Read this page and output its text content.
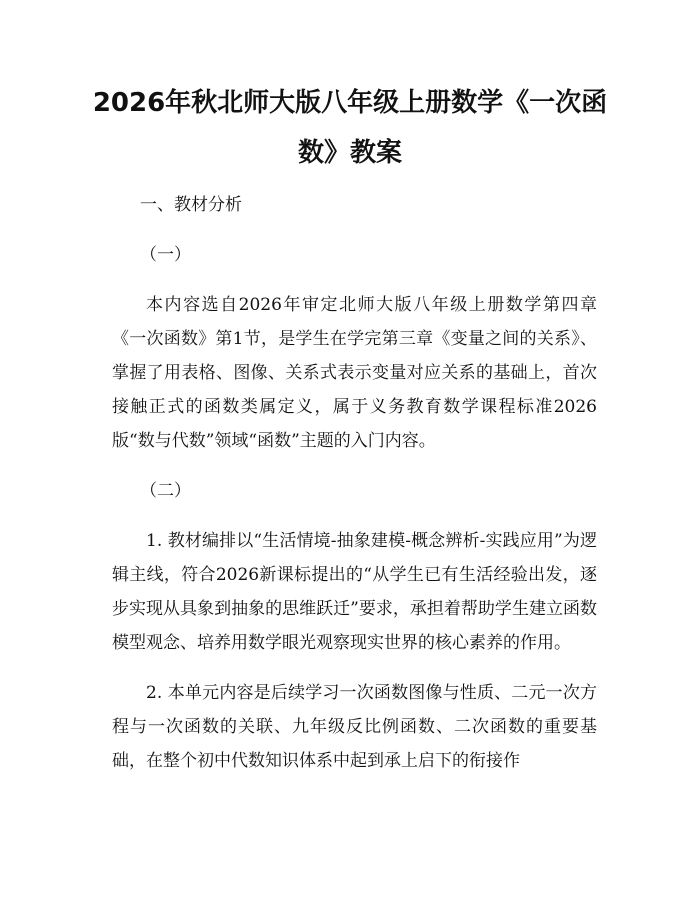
2026年秋北师大版八年级上册数学《一次函数》教案

一、教材分析

（一）

本内容选自2026年审定北师大版八年级上册数学第四章《一次函数》第1节，是学生在学完第三章《变量之间的关系》、掌握了用表格、图像、关系式表示变量对应关系的基础上，首次接触正式的函数类属定义，属于义务教育数学课程标准2026版“数与代数”领域“函数”主题的入门内容。

（二）

1. 教材编排以“生活情境-抽象建模-概念辨析-实践应用”为逻辑主线，符合2026新课标提出的“从学生已有生活经验出发，逐步实现从具象到抽象的思维跃迁”要求，承担着帮助学生建立函数模型观念、培养用数学眼光观察现实世界的核心素养的作用。

2. 本单元内容是后续学习一次函数图像与性质、二元一次方程与一次函数的关联、九年级反比例函数、二次函数的重要基础，在整个初中代数知识体系中起到承上启下的衔接作
